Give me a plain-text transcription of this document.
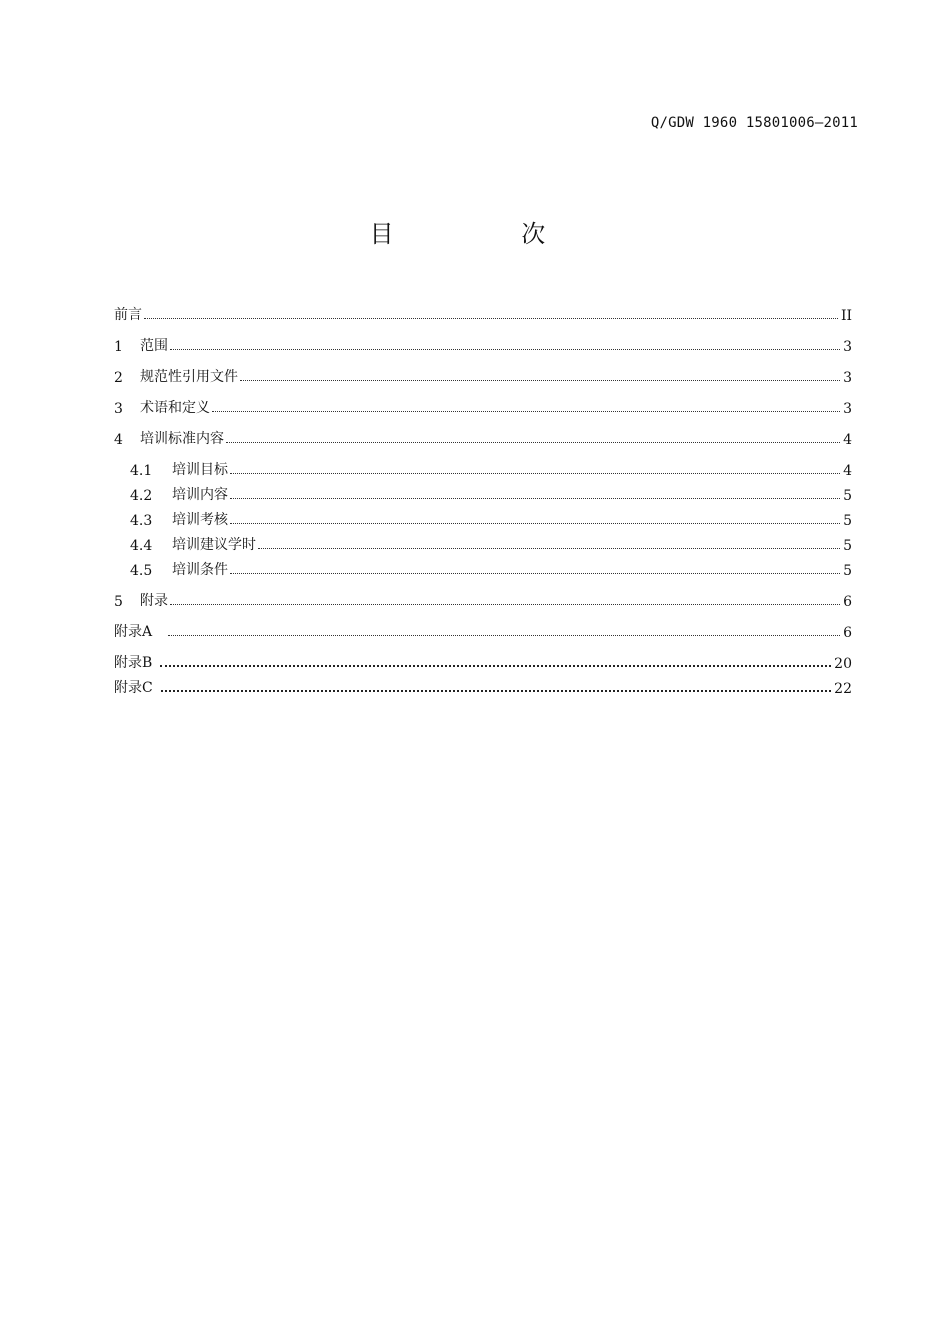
Q/GDW 1960 15801006—2011
目 次
前言	II
1	范围	3
2	规范性引用文件	3
3	术语和定义	3
4	培训标准内容	4
4.1	培训目标	4
4.2	培训内容	5
4.3	培训考核	5
4.4	培训建议学时	5
4.5	培训条件	5
5	附录	6
附录A	6
附录B	20
附录C	22
